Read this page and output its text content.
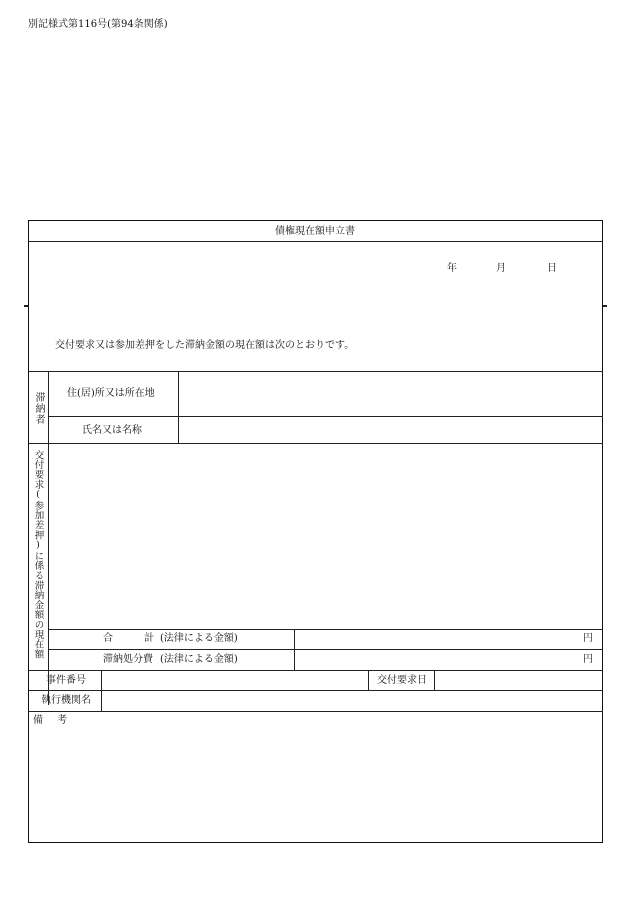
別記様式第116号(第94条関係)
債権現在額申立書
年	月	日
交付要求又は参加差押をした滞納金額の現在額は次のとおりです。
滞納者 住(居)所又は所在地
氏名又は名称
交付要求(参加差押)に係る滞納金額の現在額	合	計 (法律による金額)	円
滞納処分費 (法律による金額)	円
事件番号	交付要求日
執行機関名
備 考
